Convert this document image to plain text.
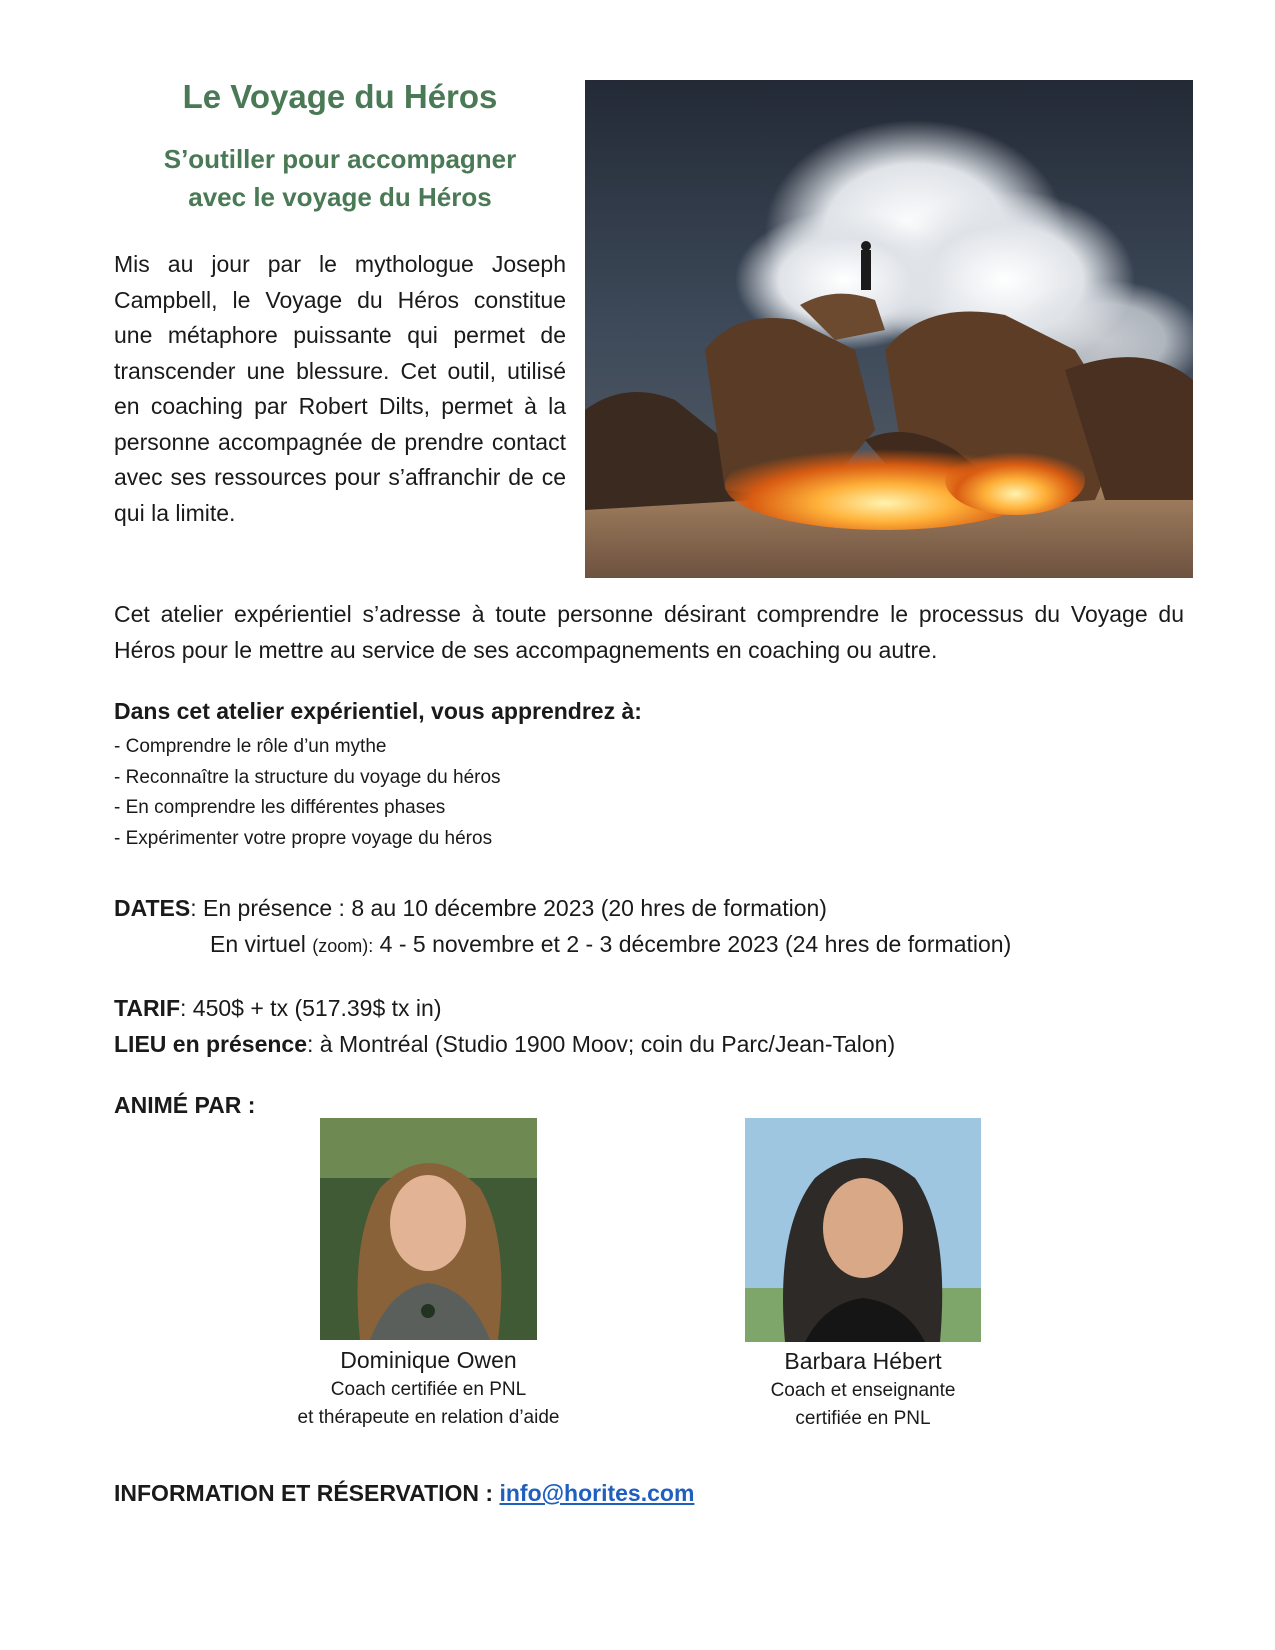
Le Voyage du Héros
S’outiller pour accompagner
avec le voyage du Héros
Mis au jour par le mythologue Joseph Campbell, le Voyage du Héros constitue une métaphore puissante qui permet de transcender une blessure. Cet outil, utilisé en coaching par Robert Dilts, permet à la personne accompagnée de prendre contact avec ses ressources pour s’affranchir de ce qui la limite.
Cet atelier expérientiel s’adresse à toute personne désirant comprendre le processus du Voyage du Héros pour le mettre au service de ses accompagnements en coaching ou autre.
Dans cet atelier expérientiel, vous apprendrez à:
- Comprendre le rôle d’un mythe
- Reconnaître la structure du voyage du héros
- En comprendre les différentes phases
- Expérimenter votre propre voyage du héros
DATES: En présence : 8 au 10 décembre 2023 (20 hres de formation)
En virtuel (zoom): 4 - 5 novembre et 2 - 3 décembre 2023 (24 hres de formation)
TARIF: 450$ + tx (517.39$ tx in)
LIEU en présence: à Montréal (Studio 1900 Moov; coin du Parc/Jean-Talon)
ANIMÉ PAR :
Dominique Owen
Coach certifiée en PNL
et thérapeute en relation d’aide
Barbara Hébert
Coach et enseignante
certifiée en PNL
INFORMATION ET RÉSERVATION : info@horites.com
